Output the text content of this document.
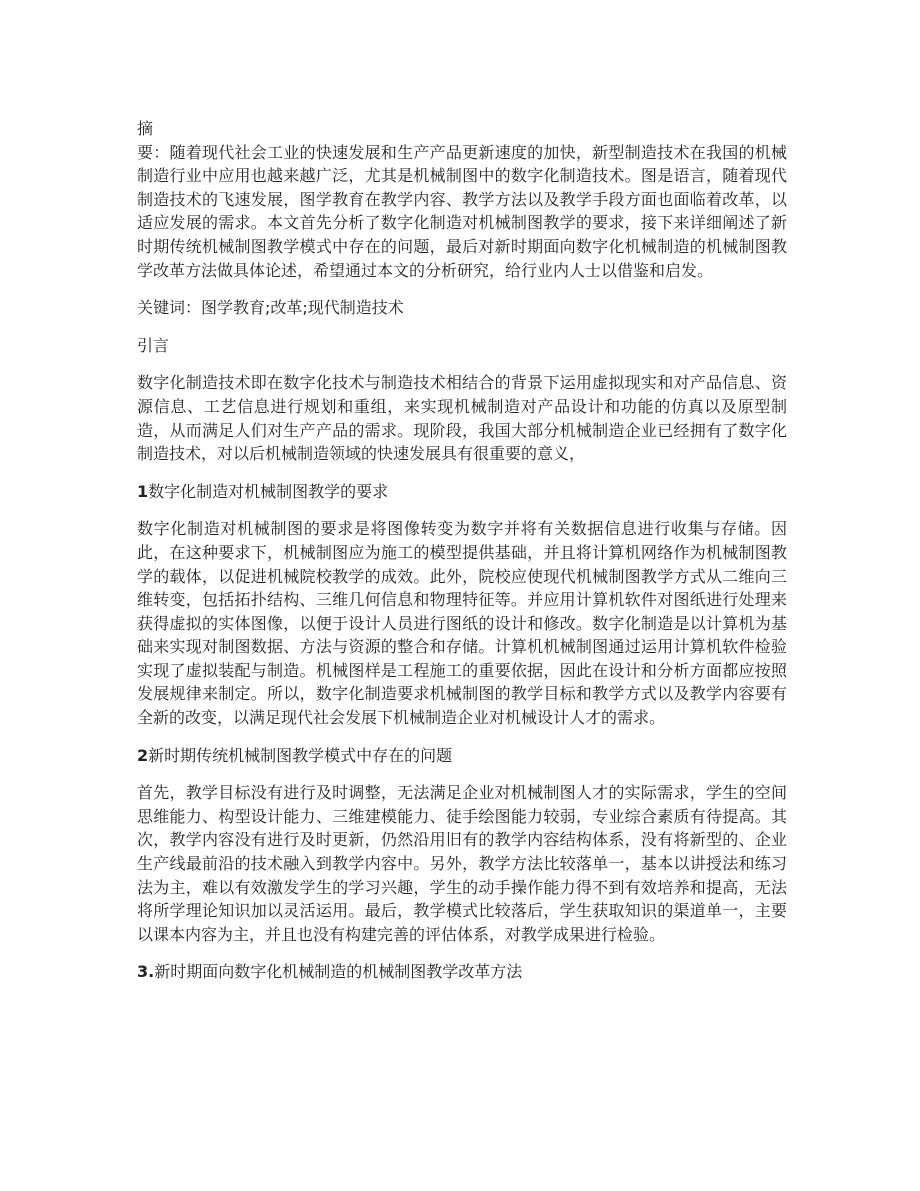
摘

要：随着现代社会工业的快速发展和生产产品更新速度的加快，新型制造技术在我国的机械制造行业中应用也越来越广泛，尤其是机械制图中的数字化制造技术。图是语言，随着现代制造技术的飞速发展，图学教育在教学内容、教学方法以及教学手段方面也面临着改革，以适应发展的需求。本文首先分析了数字化制造对机械制图教学的要求，接下来详细阐述了新时期传统机械制图教学模式中存在的问题，最后对新时期面向数字化机械制造的机械制图教学改革方法做具体论述，希望通过本文的分析研究，给行业内人士以借鉴和启发。

关键词：图学教育;改革;现代制造技术

引言

数字化制造技术即在数字化技术与制造技术相结合的背景下运用虚拟现实和对产品信息、资源信息、工艺信息进行规划和重组，来实现机械制造对产品设计和功能的仿真以及原型制造，从而满足人们对生产产品的需求。现阶段，我国大部分机械制造企业已经拥有了数字化制造技术，对以后机械制造领域的快速发展具有很重要的意义，

1数字化制造对机械制图教学的要求

数字化制造对机械制图的要求是将图像转变为数字并将有关数据信息进行收集与存储。因此，在这种要求下，机械制图应为施工的模型提供基础，并且将计算机网络作为机械制图教学的载体，以促进机械院校教学的成效。此外，院校应使现代机械制图教学方式从二维向三维转变，包括拓扑结构、三维几何信息和物理特征等。并应用计算机软件对图纸进行处理来获得虚拟的实体图像，以便于设计人员进行图纸的设计和修改。数字化制造是以计算机为基础来实现对制图数据、方法与资源的整合和存储。计算机机械制图通过运用计算机软件检验实现了虚拟装配与制造。机械图样是工程施工的重要依据，因此在设计和分析方面都应按照发展规律来制定。所以，数字化制造要求机械制图的教学目标和教学方式以及教学内容要有全新的改变，以满足现代社会发展下机械制造企业对机械设计人才的需求。

2新时期传统机械制图教学模式中存在的问题

首先，教学目标没有进行及时调整，无法满足企业对机械制图人才的实际需求，学生的空间思维能力、构型设计能力、三维建模能力、徒手绘图能力较弱，专业综合素质有待提高。其次，教学内容没有进行及时更新，仍然沿用旧有的教学内容结构体系，没有将新型的、企业生产线最前沿的技术融入到教学内容中。另外，教学方法比较落单一，基本以讲授法和练习法为主，难以有效激发学生的学习兴趣，学生的动手操作能力得不到有效培养和提高，无法将所学理论知识加以灵活运用。最后，教学模式比较落后，学生获取知识的渠道单一，主要以课本内容为主，并且也没有构建完善的评估体系，对教学成果进行检验。

3.新时期面向数字化机械制造的机械制图教学改革方法
